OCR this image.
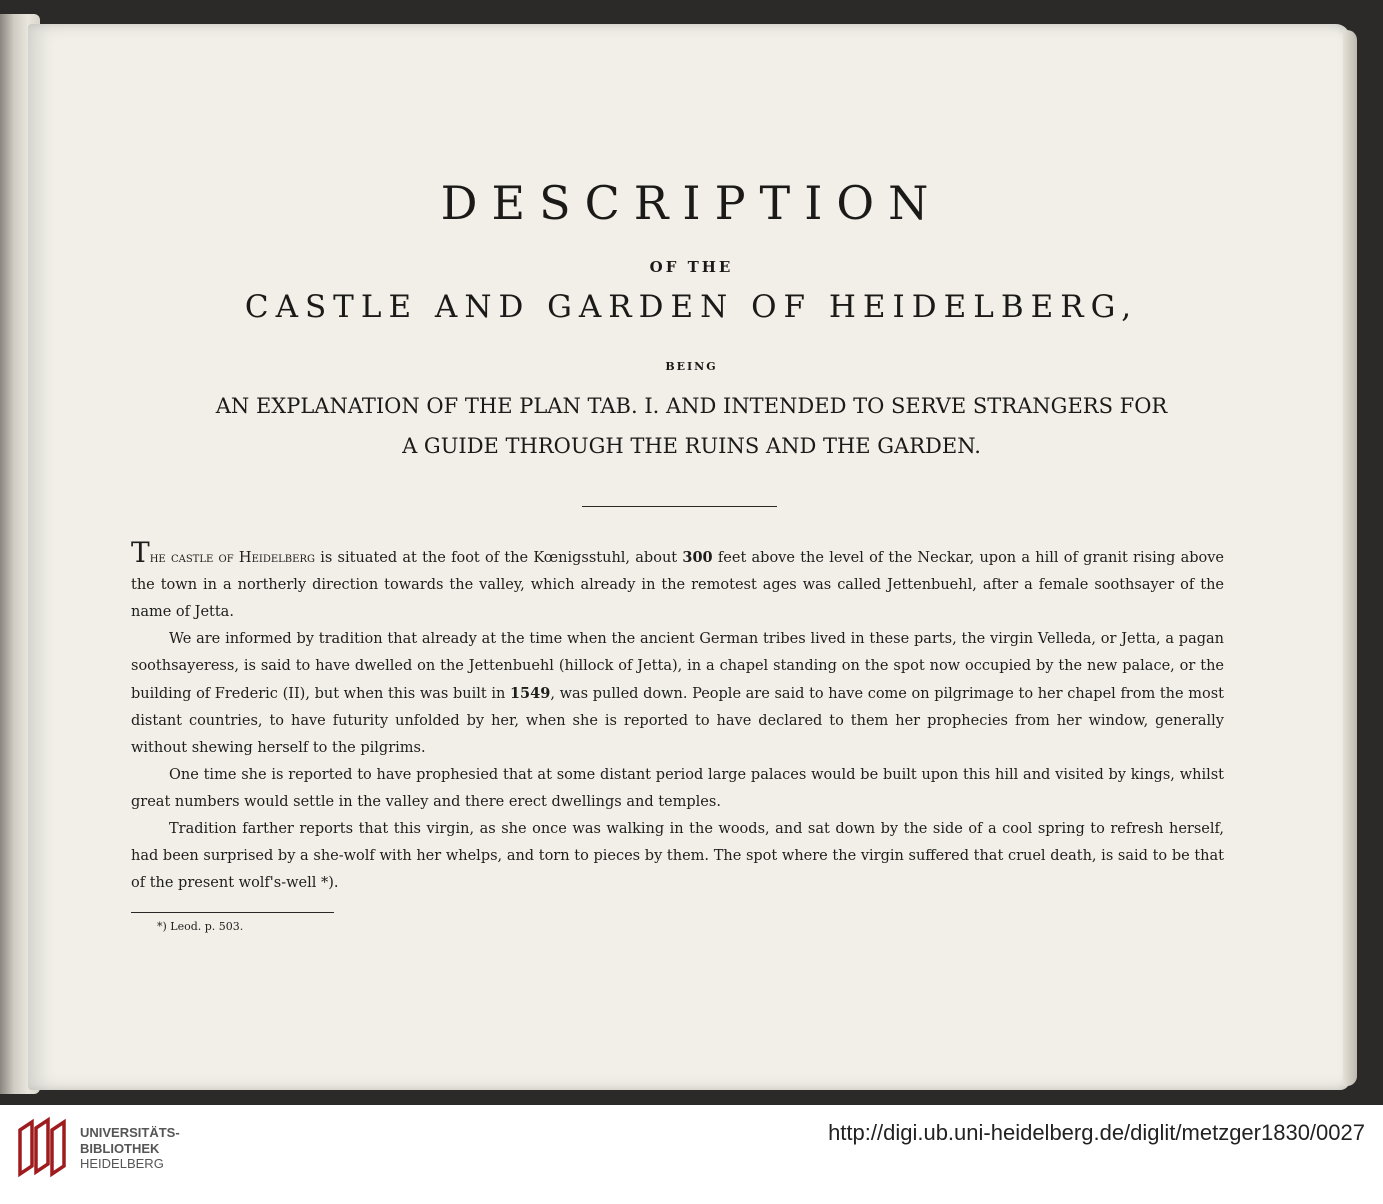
DESCRIPTION
OF THE
CASTLE AND GARDEN OF HEIDELBERG,
BEING
AN EXPLANATION OF THE PLAN TAB. I. AND INTENDED TO SERVE STRANGERS FOR
A GUIDE THROUGH THE RUINS AND THE GARDEN.

The castle of Heidelberg is situated at the foot of the Kœnigsstuhl, about 300 feet above the level of the Neckar, upon a hill of granit rising above the town in a northerly direction towards the valley, which already in the remotest ages was called Jettenbuehl, after a female soothsayer of the name of Jetta.

We are informed by tradition that already at the time when the ancient German tribes lived in these parts, the virgin Velleda, or Jetta, a pagan soothsayeress, is said to have dwelled on the Jettenbuehl (hillock of Jetta), in a chapel standing on the spot now occupied by the new palace, or the building of Frederic (II), but when this was built in 1549, was pulled down. People are said to have come on pilgrimage to her chapel from the most distant countries, to have futurity unfolded by her, when she is reported to have declared to them her prophecies from her window, generally without shewing herself to the pilgrims.

One time she is reported to have prophesied that at some distant period large palaces would be built upon this hill and visited by kings, whilst great numbers would settle in the valley and there erect dwellings and temples.

Tradition farther reports that this virgin, as she once was walking in the woods, and sat down by the side of a cool spring to refresh herself, had been surprised by a she-wolf with her whelps, and torn to pieces by them. The spot where the virgin suffered that cruel death, is said to be that of the present wolf's-well *).

*) Leod. p. 503.
UNIVERSITÄTS-
BIBLIOTHEK
HEIDELBERG
http://digi.ub.uni-heidelberg.de/diglit/metzger1830/0027
